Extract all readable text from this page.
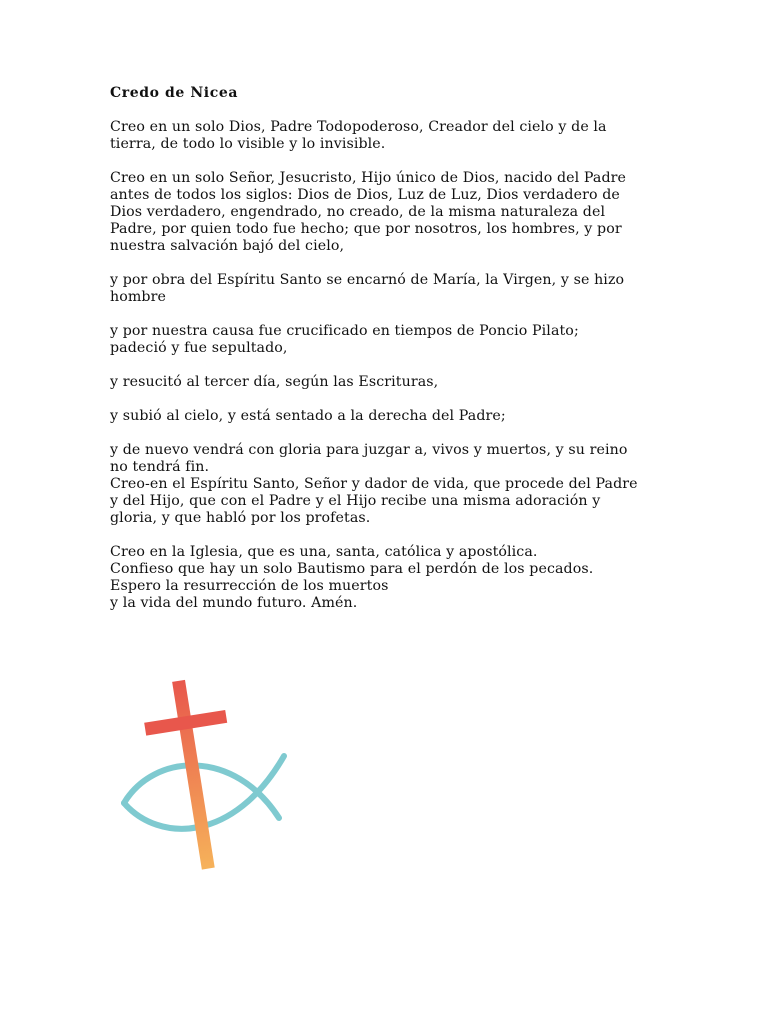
Credo de Nicea

Creo en un solo Dios, Padre Todopoderoso, Creador del cielo y de la
tierra, de todo lo visible y lo invisible.

Creo en un solo Señor, Jesucristo, Hijo único de Dios, nacido del Padre
antes de todos los siglos: Dios de Dios, Luz de Luz, Dios verdadero de
Dios verdadero, engendrado, no creado, de la misma naturaleza del
Padre, por quien todo fue hecho; que por nosotros, los hombres, y por
nuestra salvación bajó del cielo,

y por obra del Espíritu Santo se encarnó de María, la Virgen, y se hizo
hombre

y por nuestra causa fue crucificado en tiempos de Poncio Pilato;
padeció y fue sepultado,

y resucitó al tercer día, según las Escrituras,

y subió al cielo, y está sentado a la derecha del Padre;

y de nuevo vendrá con gloria para juzgar a, vivos y muertos, y su reino
no tendrá fin.
Creo-en el Espíritu Santo, Señor y dador de vida, que procede del Padre
y del Hijo, que con el Padre y el Hijo recibe una misma adoración y
gloria, y que habló por los profetas.

Creo en la Iglesia, que es una, santa, católica y apostólica.
Confieso que hay un solo Bautismo para el perdón de los pecados.
Espero la resurrección de los muertos
y la vida del mundo futuro. Amén.
